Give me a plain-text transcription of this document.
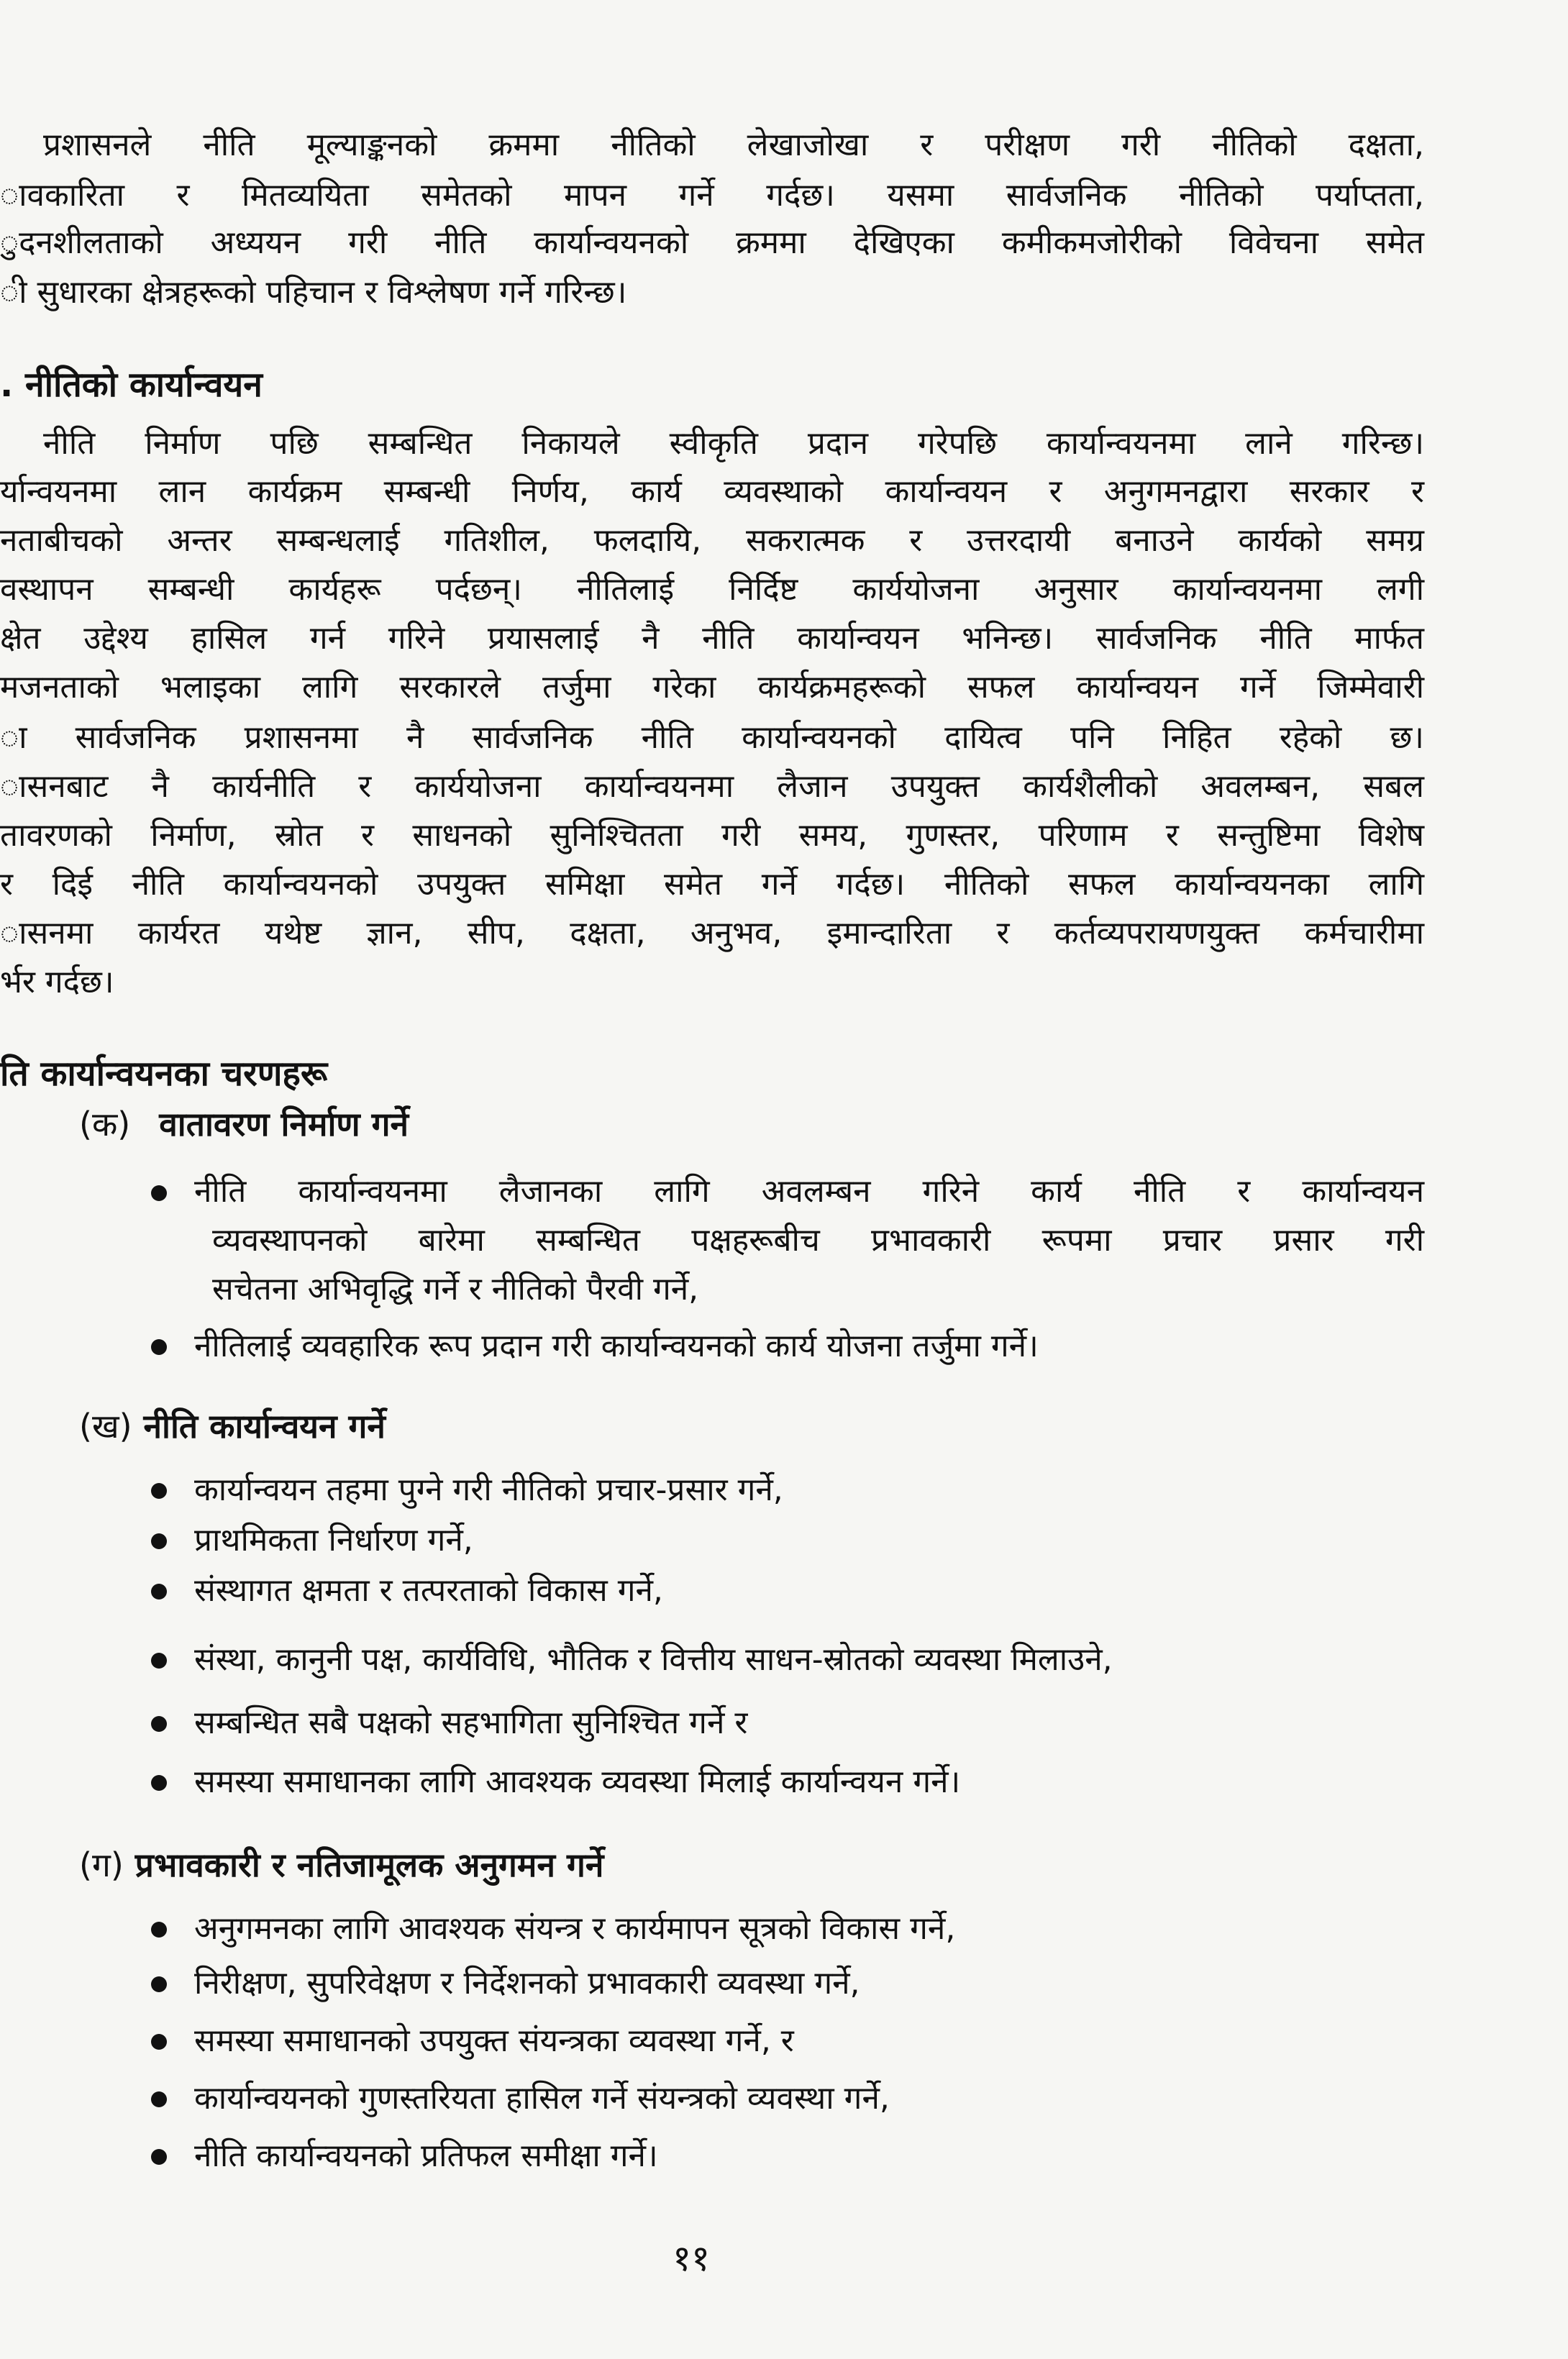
प्रशासनले नीति मूल्याङ्कनको क्रममा नीतिको लेखाजोखा र परीक्षण गरी नीतिको दक्षता,
ावकारिता र मितव्ययिता समेतको मापन गर्ने गर्दछ। यसमा सार्वजनिक नीतिको पर्याप्तता,
ुदनशीलताको अध्ययन गरी नीति कार्यान्वयनको क्रममा देखिएका कमीकमजोरीको विवेचना समेत
ी सुधारका क्षेत्रहरूको पहिचान र विश्लेषण गर्ने गरिन्छ।
. नीतिको कार्यान्वयन
नीति निर्माण पछि सम्बन्धित निकायले स्वीकृति प्रदान गरेपछि कार्यान्वयनमा लाने गरिन्छ।
र्यान्वयनमा लान कार्यक्रम सम्बन्धी निर्णय, कार्य व्यवस्थाको कार्यान्वयन र अनुगमनद्वारा सरकार र
नताबीचको अन्तर सम्बन्धलाई गतिशील, फलदायि, सकरात्मक र उत्तरदायी बनाउने कार्यको समग्र
वस्थापन सम्बन्धी कार्यहरू पर्दछन्। नीतिलाई निर्दिष्ट कार्ययोजना अनुसार कार्यान्वयनमा लगी
क्षेत उद्देश्य हासिल गर्न गरिने प्रयासलाई नै नीति कार्यान्वयन भनिन्छ। सार्वजनिक नीति मार्फत
मजनताको भलाइका लागि सरकारले तर्जुमा गरेका कार्यक्रमहरूको सफल कार्यान्वयन गर्ने जिम्मेवारी
ा सार्वजनिक प्रशासनमा नै सार्वजनिक नीति कार्यान्वयनको दायित्व पनि निहित रहेको छ।
ासनबाट नै कार्यनीति र कार्ययोजना कार्यान्वयनमा लैजान उपयुक्त कार्यशैलीको अवलम्बन, सबल
तावरणको निर्माण, स्रोत र साधनको सुनिश्चितता गरी समय, गुणस्तर, परिणाम र सन्तुष्टिमा विशेष
र दिई नीति कार्यान्वयनको उपयुक्त समिक्षा समेत गर्ने गर्दछ। नीतिको सफल कार्यान्वयनका लागि
ासनमा कार्यरत यथेष्ट ज्ञान, सीप, दक्षता, अनुभव, इमान्दारिता र कर्तव्यपरायणयुक्त कर्मचारीमा
र्भर गर्दछ।
ति कार्यान्वयनका चरणहरू
(क) वातावरण निर्माण गर्ने
नीति कार्यान्वयनमा लैजानका लागि अवलम्बन गरिने कार्य नीति र कार्यान्वयन
व्यवस्थापनको बारेमा सम्बन्धित पक्षहरूबीच प्रभावकारी रूपमा प्रचार प्रसार गरी
सचेतना अभिवृद्धि गर्ने र नीतिको पैरवी गर्ने,
नीतिलाई व्यवहारिक रूप प्रदान गरी कार्यान्वयनको कार्य योजना तर्जुमा गर्ने।
(ख) नीति कार्यान्वयन गर्ने
कार्यान्वयन तहमा पुग्ने गरी नीतिको प्रचार-प्रसार गर्ने,
प्राथमिकता निर्धारण गर्ने,
संस्थागत क्षमता र तत्परताको विकास गर्ने,
संस्था, कानुनी पक्ष, कार्यविधि, भौतिक र वित्तीय साधन-स्रोतको व्यवस्था मिलाउने,
सम्बन्धित सबै पक्षको सहभागिता सुनिश्चित गर्ने र
समस्या समाधानका लागि आवश्यक व्यवस्था मिलाई कार्यान्वयन गर्ने।
(ग) प्रभावकारी र नतिजामूलक अनुगमन गर्ने
अनुगमनका लागि आवश्यक संयन्त्र र कार्यमापन सूत्रको विकास गर्ने,
निरीक्षण, सुपरिवेक्षण र निर्देशनको प्रभावकारी व्यवस्था गर्ने,
समस्या समाधानको उपयुक्त संयन्त्रका व्यवस्था गर्ने, र
कार्यान्वयनको गुणस्तरियता हासिल गर्ने संयन्त्रको व्यवस्था गर्ने,
नीति कार्यान्वयनको प्रतिफल समीक्षा गर्ने।
११
